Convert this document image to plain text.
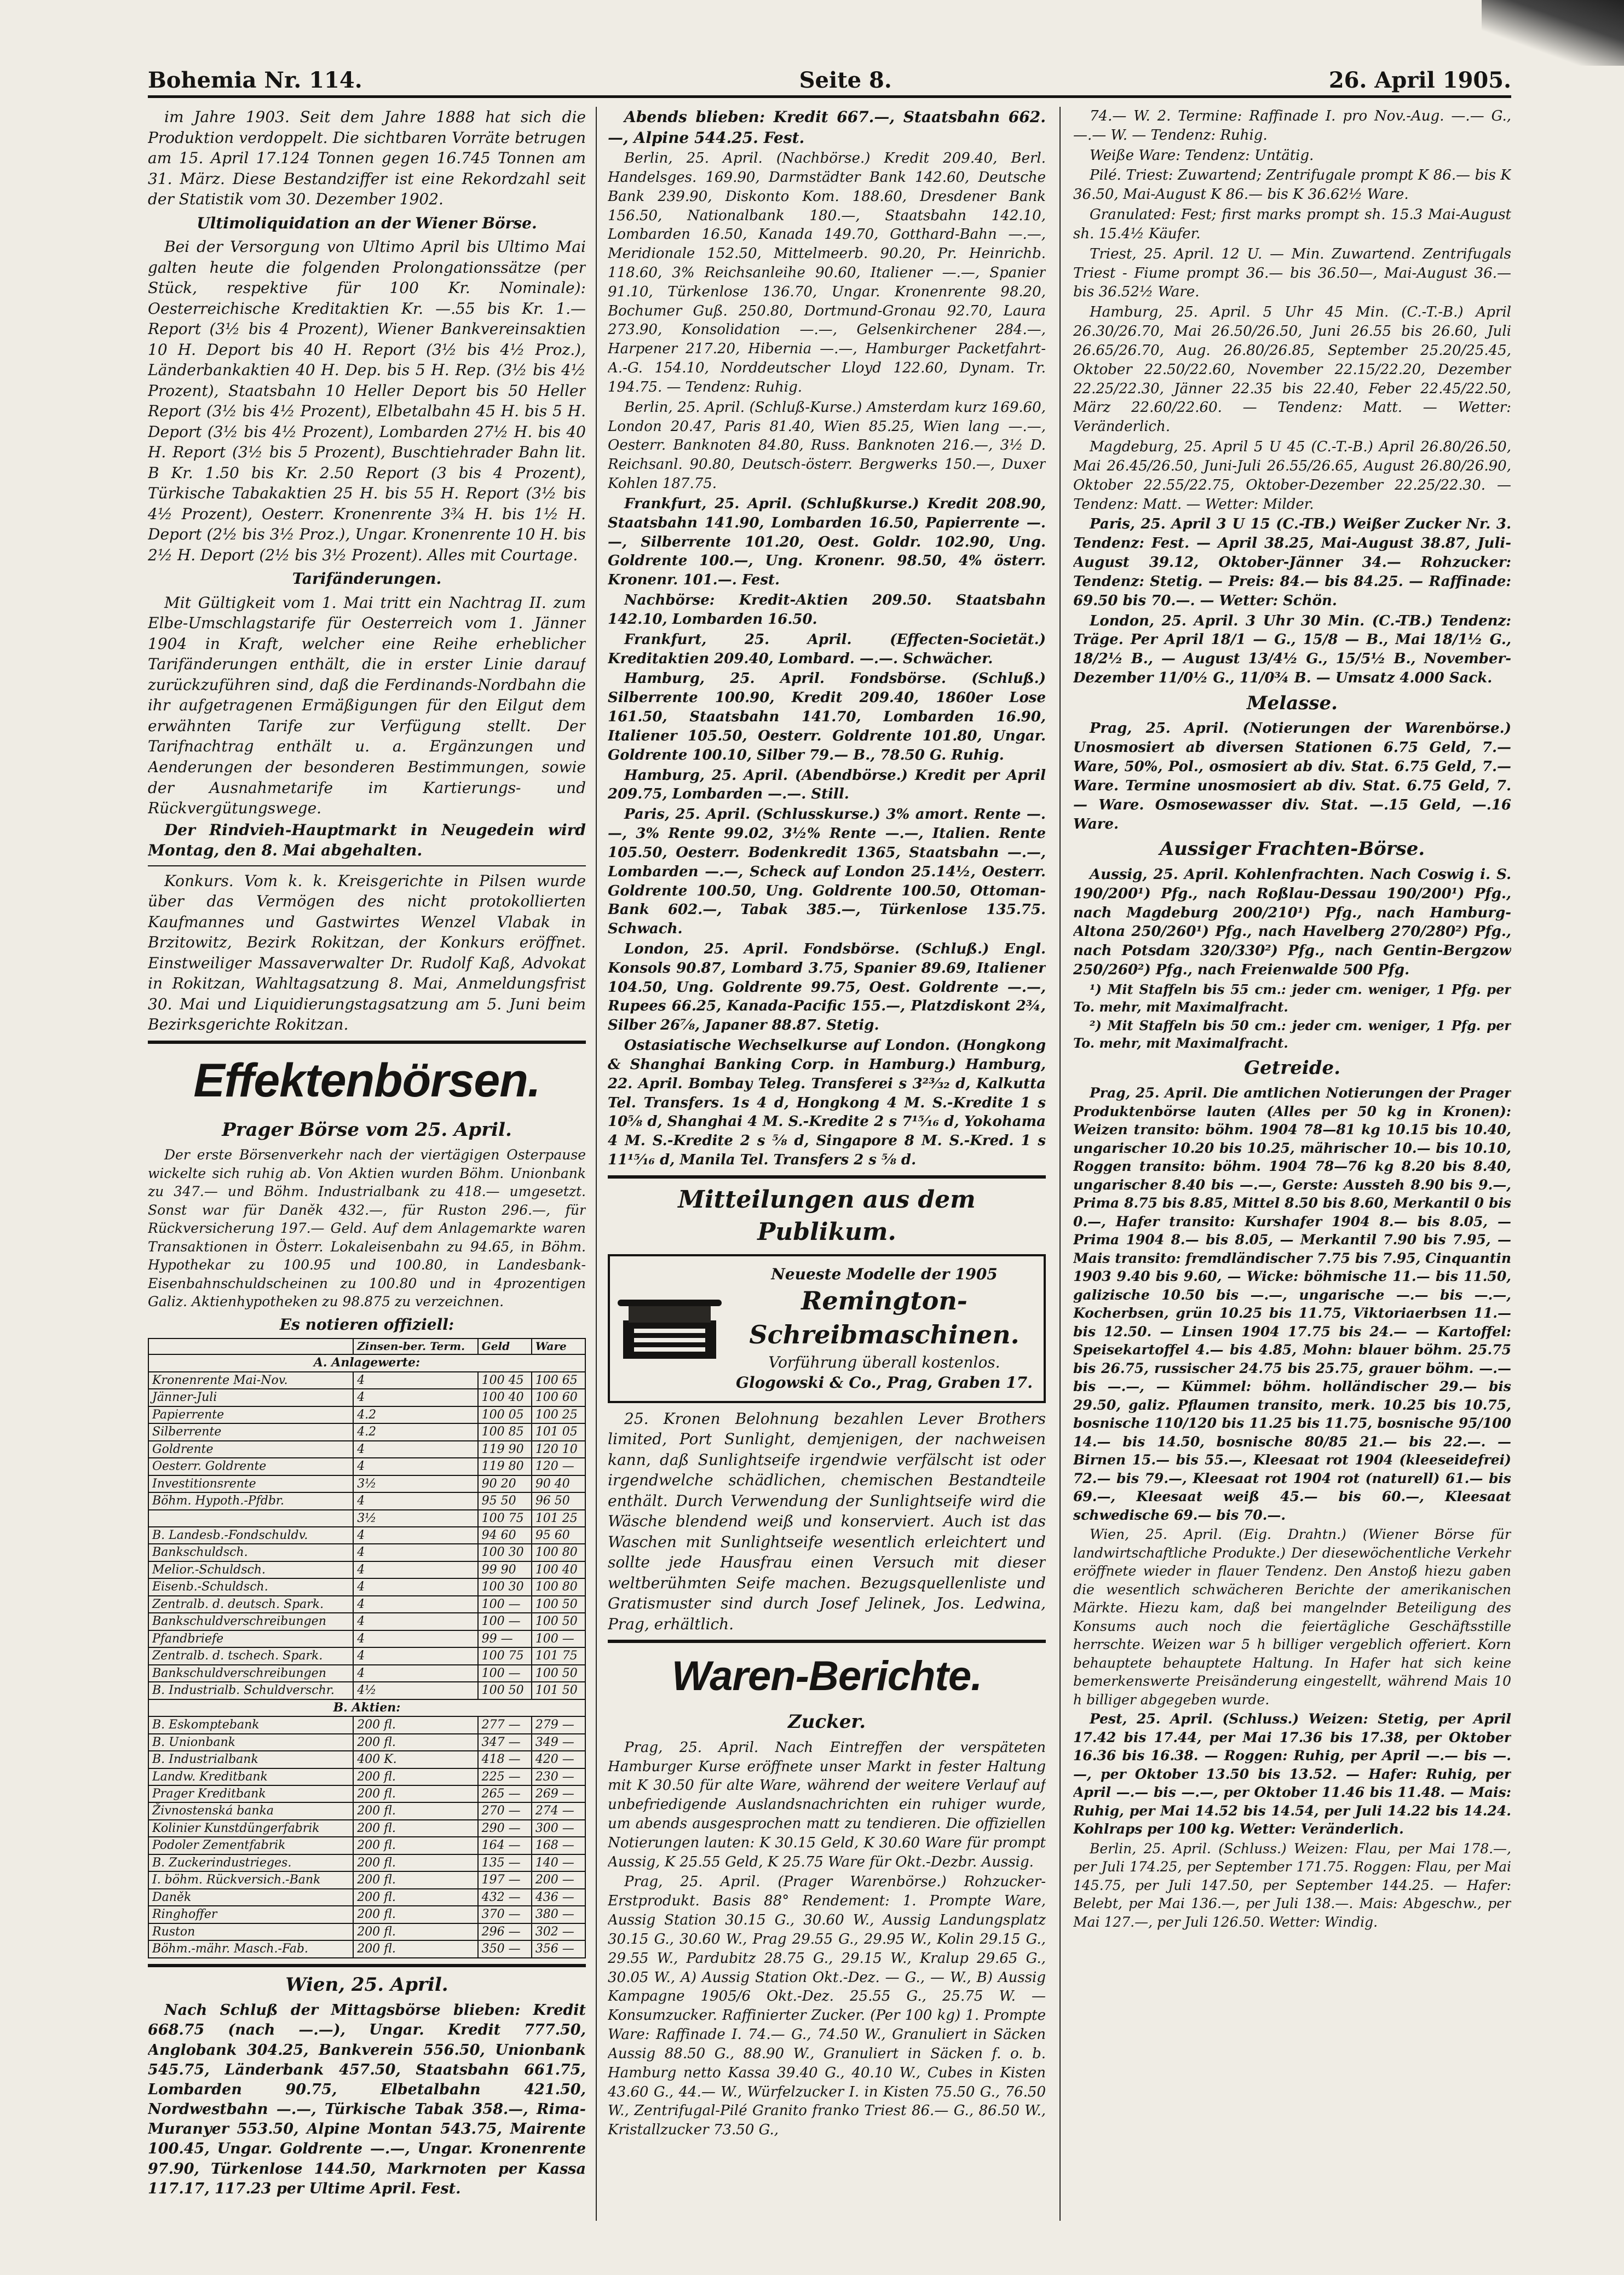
Bohemia Nr. 114.	Seite 8.	26. April 1905.

im Jahre 1903. Seit dem Jahre 1888 hat sich die Produktion verdoppelt. Die sichtbaren Vorräte betrugen am 15. April 17.124 Tonnen gegen 16.745 Tonnen am 31. März. Diese Bestandziffer ist eine Rekordzahl seit der Statistik vom 30. Dezember 1902.

Ultimoliquidation an der Wiener Börse.

Bei der Versorgung von Ultimo April bis Ultimo Mai galten heute die folgenden Prolongationssätze (per Stück, respektive für 100 Kr. Nominale): Oesterreichische Kreditaktien Kr. —.55 bis Kr. 1.— Report (3½ bis 4 Prozent), Wiener Bankvereinsaktien 10 H. Deport bis 40 H. Report (3½ bis 4½ Proz.), Länderbankaktien 40 H. Dep. bis 5 H. Rep. (3½ bis 4½ Prozent), Staatsbahn 10 Heller Deport bis 50 Heller Report (3½ bis 4½ Prozent), Elbetalbahn 45 H. bis 5 H. Deport (3½ bis 4½ Prozent), Lombarden 27½ H. bis 40 H. Report (3½ bis 5 Prozent), Buschtiehrader Bahn lit. B Kr. 1.50 bis Kr. 2.50 Report (3 bis 4 Prozent), Türkische Tabakaktien 25 H. bis 55 H. Report (3½ bis 4½ Prozent), Oesterr. Kronenrente 3¾ H. bis 1½ H. Deport (2½ bis 3½ Proz.), Ungar. Kronenrente 10 H. bis 2½ H. Deport (2½ bis 3½ Prozent). Alles mit Courtage.

Tarifänderungen.

Mit Gültigkeit vom 1. Mai tritt ein Nachtrag II. zum Elbe-Umschlagstarife für Oesterreich vom 1. Jänner 1904 in Kraft, welcher eine Reihe erheblicher Tarifänderungen enthält, die in erster Linie darauf zurückzuführen sind, daß die Ferdinands-Nordbahn die ihr aufgetragenen Ermäßigungen für den Eilgut dem erwähnten Tarife zur Verfügung stellt. Der Tarifnachtrag enthält u. a. Ergänzungen und Aenderungen der besonderen Bestimmungen, sowie der Ausnahmetarife im Kartierungs- und Rückvergütungswege.

Der Rindvieh-Hauptmarkt in Neugedein wird Montag, den 8. Mai abgehalten.

Konkurs. Vom k. k. Kreisgerichte in Pilsen wurde über das Vermögen des nicht protokollierten Kaufmannes und Gastwirtes Wenzel Vlabak in Brzitowitz, Bezirk Rokitzan, der Konkurs eröffnet. Einstweiliger Massaverwalter Dr. Rudolf Kaß, Advokat in Rokitzan, Wahltagsatzung 8. Mai, Anmeldungsfrist 30. Mai und Liquidierungstagsatzung am 5. Juni beim Bezirksgerichte Rokitzan.

Effektenbörsen.
Prager Börse vom 25. April.

Der erste Börsenverkehr nach der viertägigen Osterpause wickelte sich ruhig ab. Von Aktien wurden Böhm. Unionbank zu 347.— und Böhm. Industrialbank zu 418.— umgesetzt. Sonst war für Daněk 432.—, für Ruston 296.—, für Rückversicherung 197.— Geld. Auf dem Anlagemarkte waren Transaktionen in Österr. Lokaleisenbahn zu 94.65, in Böhm. Hypothekar zu 100.95 und 100.80, in Landesbank-Eisenbahnschuldscheinen zu 100.80 und in 4prozentigen Galiz. Aktienhypotheken zu 98.875 zu verzeichnen.

Es notieren offiziell:

	Zinsen-ber. Term.	Geld	Ware
A. Anlagewerte:			
Kronenrente Mai-Nov.	4	100 45	100 65
Jänner-Juli	4	100 40	100 60
Papierrente	4.2	100 05	100 25
Silberrente	4.2	100 85	101 05
Goldrente	4	119 90	120 10
Oesterr. Goldrente	4	119 80	120 —
Investitionsrente	3½	90 20	90 40
Böhm. Hypoth.-Pfdbr.	4	95 50	96 50
	3½	100 75	101 25
B. Landesb.-Fondschuldv.	4	94 60	95 60
Bankschuldsch.	4	100 30	100 80
Melior.-Schuldsch.	4	99 90	100 40
Eisenb.-Schuldsch.	4	100 30	100 80
Zentralb. d. deutsch. Spark.	4	100 —	100 50
Bankschuldverschreibungen	4	100 —	100 50
Pfandbriefe	4	99 —	100 —
Zentralb. d. tschech. Spark.	4	100 75	101 75
Bankschuldverschreibungen	4	100 —	100 50
B. Industrialb. Schuldverschr.	4½	100 50	101 50
B. Aktien:			
B. Eskomptebank	200 fl.	277 —	279 —
B. Unionbank	200 fl.	347 —	349 —
B. Industrialbank	400 K.	418 —	420 —
Landw. Kreditbank	200 fl.	225 —	230 —
Prager Kreditbank	200 fl.	265 —	269 —
Živnostenská banka	200 fl.	270 —	274 —
Kolinier Kunstdüngerfabrik	200 fl.	290 —	300 —
Podoler Zementfabrik	200 fl.	164 —	168 —
B. Zuckerindustrieges.	200 fl.	135 —	140 —
I. böhm. Rückversich.-Bank	200 fl.	197 —	200 —
Daněk	200 fl.	432 —	436 —
Ringhoffer	200 fl.	370 —	380 —
Ruston	200 fl.	296 —	302 —
Böhm.-mähr. Masch.-Fab.	200 fl.	350 —	356 —
Wien, 25. April.

Nach Schluß der Mittagsbörse blieben: Kredit 668.75 (nach —.—), Ungar. Kredit 777.50, Anglobank 304.25, Bankverein 556.50, Unionbank 545.75, Länderbank 457.50, Staatsbahn 661.75, Lombarden 90.75, Elbetalbahn 421.50, Nordwestbahn —.—, Türkische Tabak 358.—, Rima-Muranyer 553.50, Alpine Montan 543.75, Mairente 100.45, Ungar. Goldrente —.—, Ungar. Kronenrente 97.90, Türkenlose 144.50, Markrnoten per Kassa 117.17, 117.23 per Ultime April. Fest.

Abends blieben: Kredit 667.—, Staatsbahn 662.—, Alpine 544.25. Fest.

Berlin, 25. April. (Nachbörse.) Kredit 209.40, Berl. Handelsges. 169.90, Darmstädter Bank 142.60, Deutsche Bank 239.90, Diskonto Kom. 188.60, Dresdener Bank 156.50, Nationalbank 180.—, Staatsbahn 142.10, Lombarden 16.50, Kanada 149.70, Gotthard-Bahn —.—, Meridionale 152.50, Mittelmeerb. 90.20, Pr. Heinrichb. 118.60, 3% Reichsanleihe 90.60, Italiener —.—, Spanier 91.10, Türkenlose 136.70, Ungar. Kronenrente 98.20, Bochumer Guß. 250.80, Dortmund-Gronau 92.70, Laura 273.90, Konsolidation —.—, Gelsenkirchener 284.—, Harpener 217.20, Hibernia —.—, Hamburger Packetfahrt-A.-G. 154.10, Norddeutscher Lloyd 122.60, Dynam. Tr. 194.75. — Tendenz: Ruhig.

Berlin, 25. April. (Schluß-Kurse.) Amsterdam kurz 169.60, London 20.47, Paris 81.40, Wien 85.25, Wien lang —.—, Oesterr. Banknoten 84.80, Russ. Banknoten 216.—, 3½ D. Reichsanl. 90.80, Deutsch-österr. Bergwerks 150.—, Duxer Kohlen 187.75.

Frankfurt, 25. April. (Schlußkurse.) Kredit 208.90, Staatsbahn 141.90, Lombarden 16.50, Papierrente —.—, Silberrente 101.20, Oest. Goldr. 102.90, Ung. Goldrente 100.—, Ung. Kronenr. 98.50, 4% österr. Kronenr. 101.—. Fest.

Nachbörse: Kredit-Aktien 209.50. Staatsbahn 142.10, Lombarden 16.50.

Frankfurt, 25. April. (Effecten-Societät.) Kreditaktien 209.40, Lombard. —.—. Schwächer.

Hamburg, 25. April. Fondsbörse. (Schluß.) Silberrente 100.90, Kredit 209.40, 1860er Lose 161.50, Staatsbahn 141.70, Lombarden 16.90, Italiener 105.50, Oesterr. Goldrente 101.80, Ungar. Goldrente 100.10, Silber 79.— B., 78.50 G. Ruhig.

Hamburg, 25. April. (Abendbörse.) Kredit per April 209.75, Lombarden —.—. Still.

Paris, 25. April. (Schlusskurse.) 3% amort. Rente —.—, 3% Rente 99.02, 3½% Rente —.—, Italien. Rente 105.50, Oesterr. Bodenkredit 1365, Staatsbahn —.—, Lombarden —.—, Scheck auf London 25.14½, Oesterr. Goldrente 100.50, Ung. Goldrente 100.50, Ottoman-Bank 602.—, Tabak 385.—, Türkenlose 135.75. Schwach.

London, 25. April. Fondsbörse. (Schluß.) Engl. Konsols 90.87, Lombard 3.75, Spanier 89.69, Italiener 104.50, Ung. Goldrente 99.75, Oest. Goldrente —.—, Rupees 66.25, Kanada-Pacific 155.—, Platzdiskont 2¾, Silber 26⅞, Japaner 88.87. Stetig.

Ostasiatische Wechselkurse auf London. (Hongkong & Shanghai Banking Corp. in Hamburg.) Hamburg, 22. April. Bombay Teleg. Transferei s 3²³⁄₃₂ d, Kalkutta Tel. Transfers. 1s 4 d, Hongkong 4 M. S.-Kredite 1 s 10⅝ d, Shanghai 4 M. S.-Kredite 2 s 7¹⁵⁄₁₆ d, Yokohama 4 M. S.-Kredite 2 s ⅝ d, Singapore 8 M. S.-Kred. 1 s 11¹⁵⁄₁₆ d, Manila Tel. Transfers 2 s ⅝ d.

Mitteilungen aus dem Publikum.
Neueste Modelle der 1905
Remington-Schreibmaschinen.
Vorführung überall kostenlos.
Glogowski & Co., Prag, Graben 17.

25. Kronen Belohnung bezahlen Lever Brothers limited, Port Sunlight, demjenigen, der nachweisen kann, daß Sunlightseife irgendwie verfälscht ist oder irgendwelche schädlichen, chemischen Bestandteile enthält. Durch Verwendung der Sunlightseife wird die Wäsche blendend weiß und konserviert. Auch ist das Waschen mit Sunlightseife wesentlich erleichtert und sollte jede Hausfrau einen Versuch mit dieser weltberühmten Seife machen. Bezugsquellenliste und Gratismuster sind durch Josef Jelinek, Jos. Ledwina, Prag, erhältlich.

Waren-Berichte.
Zucker.

Prag, 25. April. Nach Eintreffen der verspäteten Hamburger Kurse eröffnete unser Markt in fester Haltung mit K 30.50 für alte Ware, während der weitere Verlauf auf unbefriedigende Auslandsnachrichten ein ruhiger wurde, um abends ausgesprochen matt zu tendieren. Die offiziellen Notierungen lauten: K 30.15 Geld, K 30.60 Ware für prompt Aussig, K 25.55 Geld, K 25.75 Ware für Okt.-Dezbr. Aussig.

Prag, 25. April. (Prager Warenbörse.) Rohzucker-Erstprodukt. Basis 88° Rendement: 1. Prompte Ware, Aussig Station 30.15 G., 30.60 W., Aussig Landungsplatz 30.15 G., 30.60 W., Prag 29.55 G., 29.95 W., Kolin 29.15 G., 29.55 W., Pardubitz 28.75 G., 29.15 W., Kralup 29.65 G., 30.05 W., A) Aussig Station Okt.-Dez. — G., — W., B) Aussig Kampagne 1905/6 Okt.-Dez. 25.55 G., 25.75 W. — Konsumzucker. Raffinierter Zucker. (Per 100 kg) 1. Prompte Ware: Raffinade I. 74.— G., 74.50 W., Granuliert in Säcken Aussig 88.50 G., 88.90 W., Granuliert in Säcken f. o. b. Hamburg netto Kassa 39.40 G., 40.10 W., Cubes in Kisten 43.60 G., 44.— W., Würfelzucker I. in Kisten 75.50 G., 76.50 W., Zentrifugal-Pilé Granito franko Triest 86.— G., 86.50 W., Kristallzucker 73.50 G.,

74.— W. 2. Termine: Raffinade I. pro Nov.-Aug. —.— G., —.— W. — Tendenz: Ruhig.

Weiße Ware: Tendenz: Untätig.

Pilé. Triest: Zuwartend; Zentrifugale prompt K 86.— bis K 36.50, Mai-August K 86.— bis K 36.62½ Ware.

Granulated: Fest; first marks prompt sh. 15.3 Mai-August sh. 15.4½ Käufer.

Triest, 25. April. 12 U. — Min. Zuwartend. Zentrifugals Triest - Fiume prompt 36.— bis 36.50—, Mai-August 36.— bis 36.52½ Ware.

Hamburg, 25. April. 5 Uhr 45 Min. (C.-T.-B.) April 26.30/26.70, Mai 26.50/26.50, Juni 26.55 bis 26.60, Juli 26.65/26.70, Aug. 26.80/26.85, September 25.20/25.45, Oktober 22.50/22.60, November 22.15/22.20, Dezember 22.25/22.30, Jänner 22.35 bis 22.40, Feber 22.45/22.50, März 22.60/22.60. — Tendenz: Matt. — Wetter: Veränderlich.

Magdeburg, 25. April 5 U 45 (C.-T.-B.) April 26.80/26.50, Mai 26.45/26.50, Juni-Juli 26.55/26.65, August 26.80/26.90, Oktober 22.55/22.75, Oktober-Dezember 22.25/22.30. — Tendenz: Matt. — Wetter: Milder.

Paris, 25. April 3 U 15 (C.-TB.) Weißer Zucker Nr. 3. Tendenz: Fest. — April 38.25, Mai-August 38.87, Juli-August 39.12, Oktober-Jänner 34.— Rohzucker: Tendenz: Stetig. — Preis: 84.— bis 84.25. — Raffinade: 69.50 bis 70.—. — Wetter: Schön.

London, 25. April. 3 Uhr 30 Min. (C.-TB.) Tendenz: Träge. Per April 18/1 — G., 15/8 — B., Mai 18/1½ G., 18/2½ B., — August 13/4½ G., 15/5½ B., November-Dezember 11/0½ G., 11/0¾ B. — Umsatz 4.000 Sack.

Melasse.

Prag, 25. April. (Notierungen der Warenbörse.) Unosmosiert ab diversen Stationen 6.75 Geld, 7.— Ware, 50%, Pol., osmosiert ab div. Stat. 6.75 Geld, 7.— Ware. Termine unosmosiert ab div. Stat. 6.75 Geld, 7.— Ware. Osmosewasser div. Stat. —.15 Geld, —.16 Ware.

Aussiger Frachten-Börse.

Aussig, 25. April. Kohlenfrachten. Nach Coswig i. S. 190/200¹) Pfg., nach Roßlau-Dessau 190/200¹) Pfg., nach Magdeburg 200/210¹) Pfg., nach Hamburg-Altona 250/260¹) Pfg., nach Havelberg 270/280²) Pfg., nach Potsdam 320/330²) Pfg., nach Gentin-Bergzow 250/260²) Pfg., nach Freienwalde 500 Pfg.

¹) Mit Staffeln bis 55 cm.: jeder cm. weniger, 1 Pfg. per To. mehr, mit Maximalfracht.

²) Mit Staffeln bis 50 cm.: jeder cm. weniger, 1 Pfg. per To. mehr, mit Maximalfracht.

Getreide.

Prag, 25. April. Die amtlichen Notierungen der Prager Produktenbörse lauten (Alles per 50 kg in Kronen): Weizen transito: böhm. 1904 78—81 kg 10.15 bis 10.40, ungarischer 10.20 bis 10.25, mährischer 10.— bis 10.10, Roggen transito: böhm. 1904 78—76 kg 8.20 bis 8.40, ungarischer 8.40 bis —.—, Gerste: Aussteh 8.90 bis 9.—, Prima 8.75 bis 8.85, Mittel 8.50 bis 8.60, Merkantil 0 bis 0.—, Hafer transito: Kurshafer 1904 8.— bis 8.05, — Prima 1904 8.— bis 8.05, — Merkantil 7.90 bis 7.95, — Mais transito: fremdländischer 7.75 bis 7.95, Cinquantin 1903 9.40 bis 9.60, — Wicke: böhmische 11.— bis 11.50, galizische 10.50 bis —.—, ungarische —.— bis —.—, Kocherbsen, grün 10.25 bis 11.75, Viktoriaerbsen 11.— bis 12.50. — Linsen 1904 17.75 bis 24.— — Kartoffel: Speisekartoffel 4.— bis 4.85, Mohn: blauer böhm. 25.75 bis 26.75, russischer 24.75 bis 25.75, grauer böhm. —.— bis —.—, — Kümmel: böhm. holländischer 29.— bis 29.50, galiz. Pflaumen transito, merk. 10.25 bis 10.75, bosnische 110/120 bis 11.25 bis 11.75, bosnische 95/100 14.— bis 14.50, bosnische 80/85 21.— bis 22.—. — Birnen 15.— bis 55.—, Kleesaat rot 1904 (kleeseidefrei) 72.— bis 79.—, Kleesaat rot 1904 rot (naturell) 61.— bis 69.—, Kleesaat weiß 45.— bis 60.—, Kleesaat schwedische 69.— bis 70.—.

Wien, 25. April. (Eig. Drahtn.) (Wiener Börse für landwirtschaftliche Produkte.) Der diesewöchentliche Verkehr eröffnete wieder in flauer Tendenz. Den Anstoß hiezu gaben die wesentlich schwächeren Berichte der amerikanischen Märkte. Hiezu kam, daß bei mangelnder Beteiligung des Konsums auch noch die feiertägliche Geschäftsstille herrschte. Weizen war 5 h billiger vergeblich offeriert. Korn behauptete behauptete Haltung. In Hafer hat sich keine bemerkenswerte Preisänderung eingestellt, während Mais 10 h billiger abgegeben wurde.

Pest, 25. April. (Schluss.) Weizen: Stetig, per April 17.42 bis 17.44, per Mai 17.36 bis 17.38, per Oktober 16.36 bis 16.38. — Roggen: Ruhig, per April —.— bis —.—, per Oktober 13.50 bis 13.52. — Hafer: Ruhig, per April —.— bis —.—, per Oktober 11.46 bis 11.48. — Mais: Ruhig, per Mai 14.52 bis 14.54, per Juli 14.22 bis 14.24. Kohlraps per 100 kg. Wetter: Veränderlich.

Berlin, 25. April. (Schluss.) Weizen: Flau, per Mai 178.—, per Juli 174.25, per September 171.75. Roggen: Flau, per Mai 145.75, per Juli 147.50, per September 144.25. — Hafer: Belebt, per Mai 136.—, per Juli 138.—. Mais: Abgeschw., per Mai 127.—, per Juli 126.50. Wetter: Windig.
